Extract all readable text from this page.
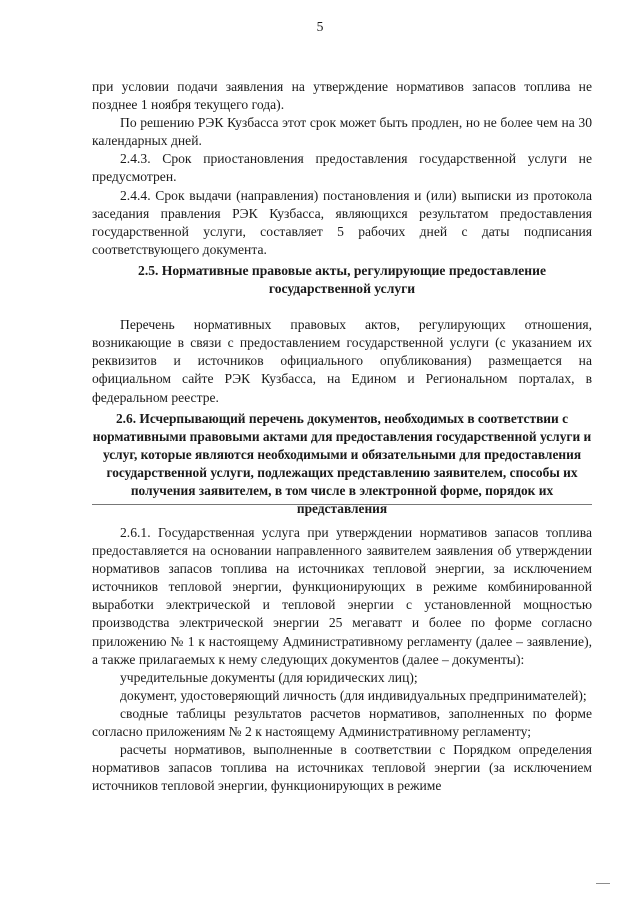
5

при условии подачи заявления на утверждение нормативов запасов топлива не позднее 1 ноября текущего года).

По решению РЭК Кузбасса этот срок может быть продлен, но не более чем на 30 календарных дней.

2.4.3. Срок приостановления предоставления государственной услуги не предусмотрен.

2.4.4. Срок выдачи (направления) постановления и (или) выписки из протокола заседания правления РЭК Кузбасса, являющихся результатом предоставления государственной услуги, составляет 5 рабочих дней с даты подписания соответствующего документа.

2.5. Нормативные правовые акты, регулирующие предоставление государственной услуги

Перечень нормативных правовых актов, регулирующих отношения, возникающие в связи с предоставлением государственной услуги (с указанием их реквизитов и источников официального опубликования) размещается на официальном сайте РЭК Кузбасса, на Едином и Региональном порталах, в федеральном реестре.

2.6. Исчерпывающий перечень документов, необходимых в соответствии с нормативными правовыми актами для предоставления государственной услуги и услуг, которые являются необходимыми и обязательными для предоставления государственной услуги, подлежащих представлению заявителем, способы их получения заявителем, в том числе в электронной форме, порядок их представления

2.6.1. Государственная услуга при утверждении нормативов запасов топлива предоставляется на основании направленного заявителем заявления об утверждении нормативов запасов топлива на источниках тепловой энергии, за исключением источников тепловой энергии, функционирующих в режиме комбинированной выработки электрической и тепловой энергии с установленной мощностью производства электрической энергии 25 мегаватт и более по форме согласно приложению № 1 к настоящему Административному регламенту (далее – заявление), а также прилагаемых к нему следующих документов (далее – документы):

учредительные документы (для юридических лиц);

документ, удостоверяющий личность (для индивидуальных предпринимателей);

сводные таблицы результатов расчетов нормативов, заполненных по форме согласно приложениям № 2 к настоящему Административному регламенту;

расчеты нормативов, выполненные в соответствии с Порядком определения нормативов запасов топлива на источниках тепловой энергии (за исключением источников тепловой энергии, функционирующих в режиме
